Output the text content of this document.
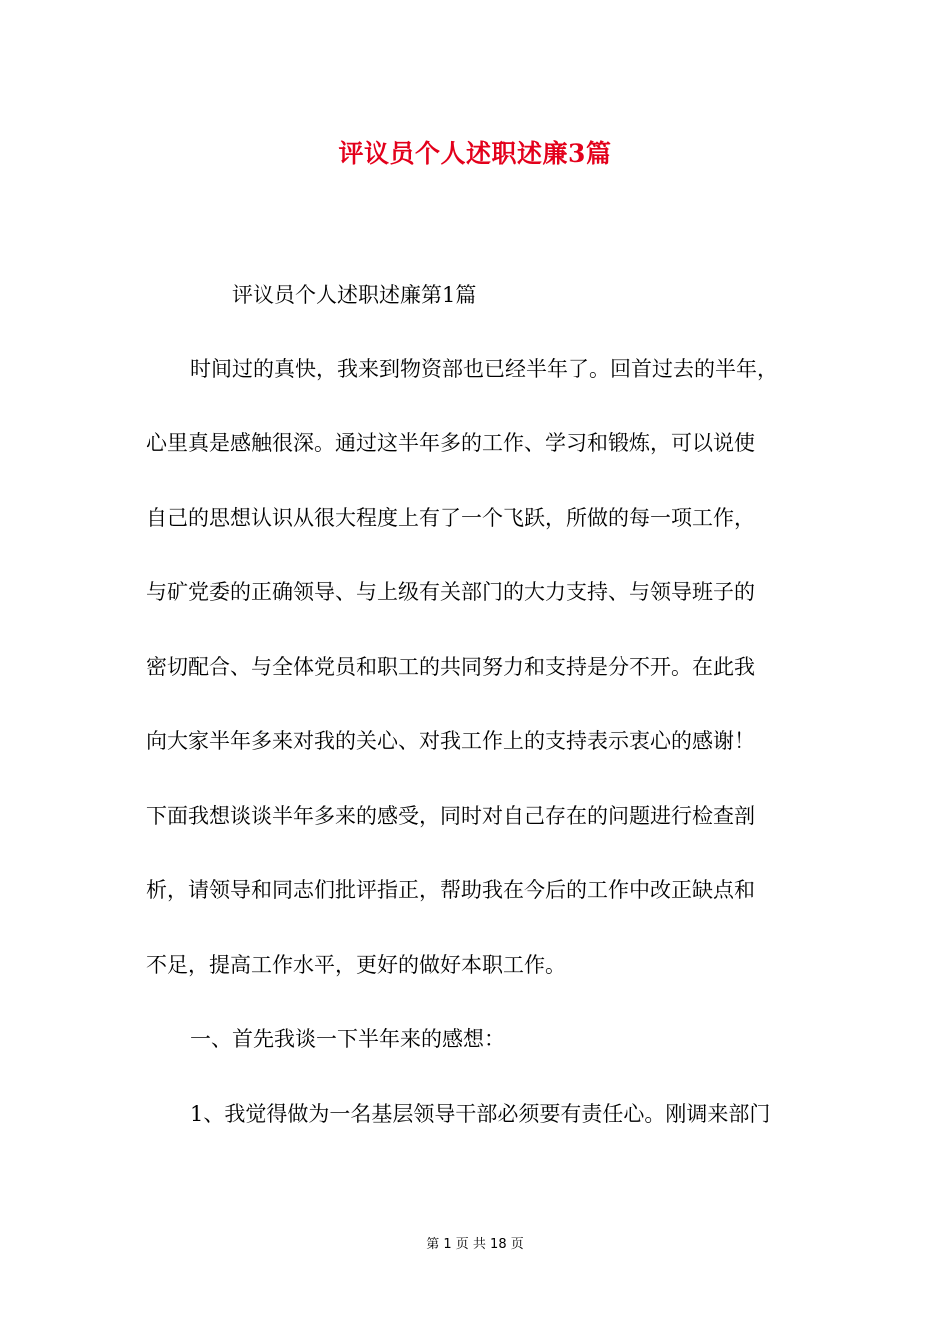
评议员个人述职述廉3篇
评议员个人述职述廉第1篇
时间过的真快，我来到物资部也已经半年了。回首过去的半年，
心里真是感触很深。通过这半年多的工作、学习和锻炼，可以说使
自己的思想认识从很大程度上有了一个飞跃，所做的每一项工作，
与矿党委的正确领导、与上级有关部门的大力支持、与领导班子的
密切配合、与全体党员和职工的共同努力和支持是分不开。在此我
向大家半年多来对我的关心、对我工作上的支持表示衷心的感谢！
下面我想谈谈半年多来的感受，同时对自己存在的问题进行检查剖
析，请领导和同志们批评指正，帮助我在今后的工作中改正缺点和
不足，提高工作水平，更好的做好本职工作。
一、首先我谈一下半年来的感想：
1、我觉得做为一名基层领导干部必须要有责任心。刚调来部门
第 1 页 共 18 页
